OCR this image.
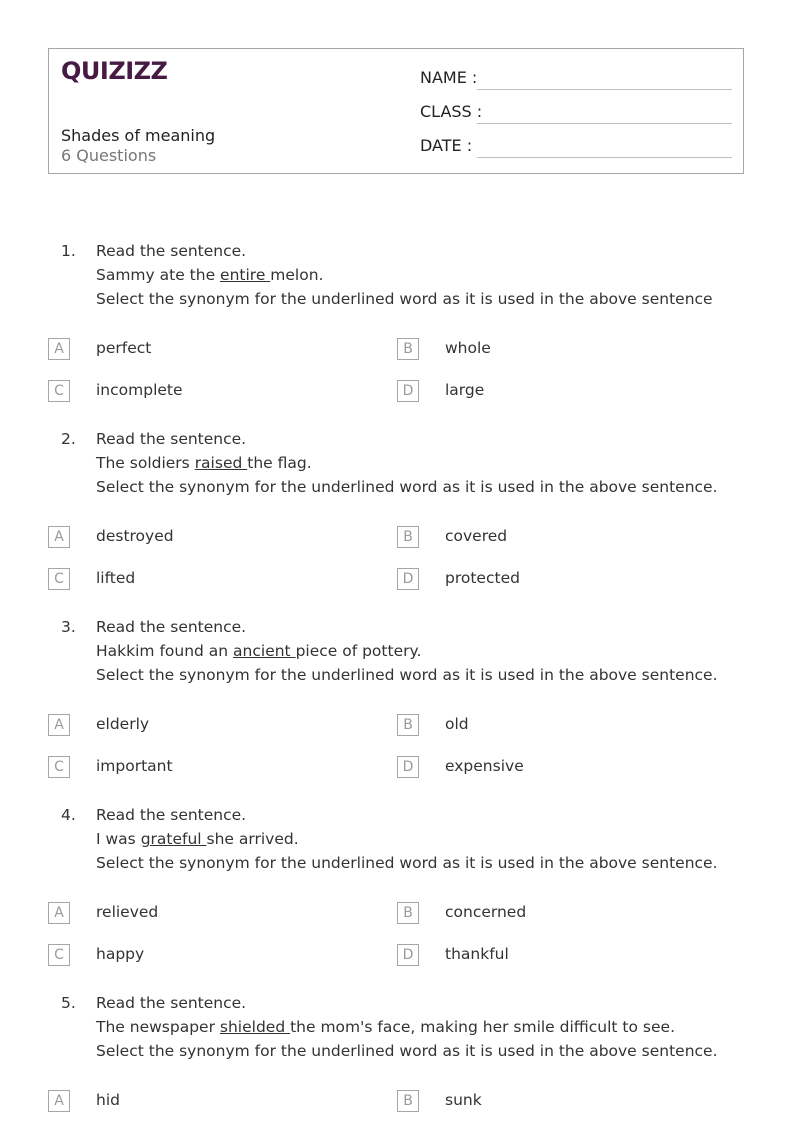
QUIZIZZ
Shades of meaning
6 Questions
NAME :
CLASS :
DATE :
1. Read the sentence.
Sammy ate the entire melon.
Select the synonym for the underlined word as it is used in the above sentence
A	perfect	B	whole
C	incomplete	D	large
2. Read the sentence.
The soldiers raised the flag.
Select the synonym for the underlined word as it is used in the above sentence.
A	destroyed	B	covered
C	lifted	D	protected
3. Read the sentence.
Hakkim found an ancient piece of pottery.
Select the synonym for the underlined word as it is used in the above sentence.
A	elderly	B	old
C	important	D	expensive
4. Read the sentence.
I was grateful she arrived.
Select the synonym for the underlined word as it is used in the above sentence.
A	relieved	B	concerned
C	happy	D	thankful
5. Read the sentence.
The newspaper shielded the mom's face, making her smile difficult to see.
Select the synonym for the underlined word as it is used in the above sentence.
A	hid	B	sunk
